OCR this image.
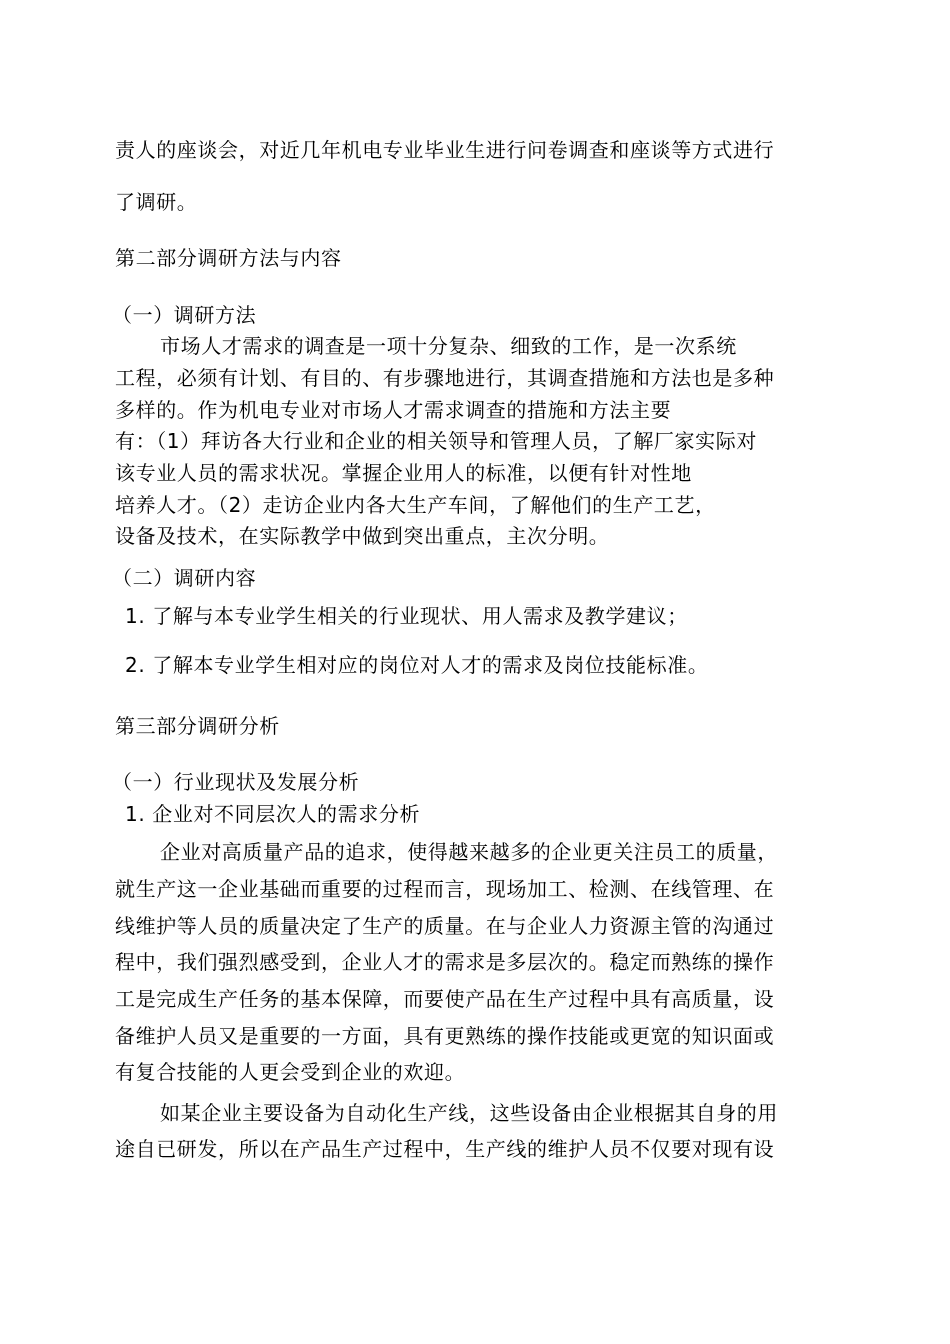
责人的座谈会，对近几年机电专业毕业生进行问卷调查和座谈等方式进行
了调研。
第二部分调研方法与内容
（一）调研方法
市场人才需求的调查是一项十分复杂、细致的工作，是一次系统
工程，必须有计划、有目的、有步骤地进行，其调查措施和方法也是多种
多样的。作为机电专业对市场人才需求调查的措施和方法主要
有：（1）拜访各大行业和企业的相关领导和管理人员，了解厂家实际对
该专业人员的需求状况。掌握企业用人的标准，以便有针对性地
培养人才。（2）走访企业内各大生产车间，了解他们的生产工艺，
设备及技术，在实际教学中做到突出重点，主次分明。
（二）调研内容
1. 了解与本专业学生相关的行业现状、用人需求及教学建议；
2. 了解本专业学生相对应的岗位对人才的需求及岗位技能标准。
第三部分调研分析
（一）行业现状及发展分析
1. 企业对不同层次人的需求分析
企业对高质量产品的追求，使得越来越多的企业更关注员工的质量，
就生产这一企业基础而重要的过程而言，现场加工、检测、在线管理、在
线维护等人员的质量决定了生产的质量。在与企业人力资源主管的沟通过
程中，我们强烈感受到，企业人才的需求是多层次的。稳定而熟练的操作
工是完成生产任务的基本保障，而要使产品在生产过程中具有高质量，设
备维护人员又是重要的一方面，具有更熟练的操作技能或更宽的知识面或
有复合技能的人更会受到企业的欢迎。
如某企业主要设备为自动化生产线，这些设备由企业根据其自身的用
途自已研发，所以在产品生产过程中，生产线的维护人员不仅要对现有设
